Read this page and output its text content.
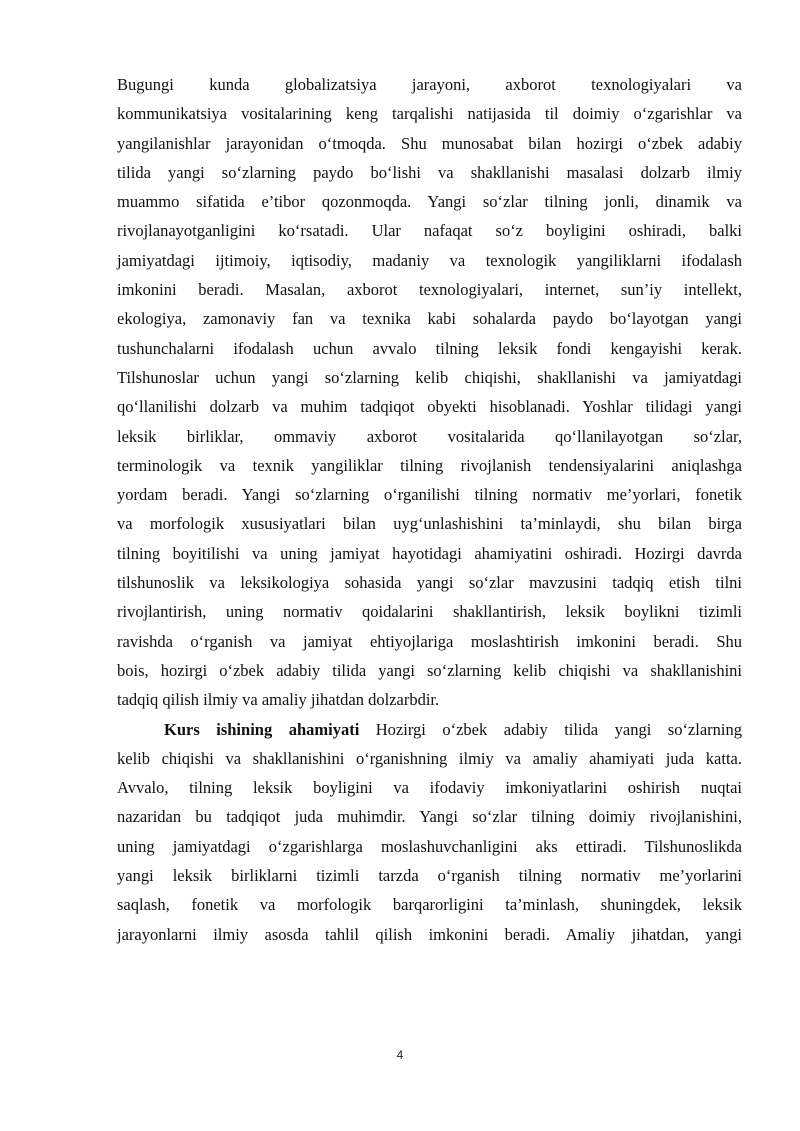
Bugungi kunda globalizatsiya jarayoni, axborot texnologiyalari va
kommunikatsiya vositalarining keng tarqalishi natijasida til doimiy o‘zgarishlar va
yangilanishlar jarayonidan o‘tmoqda. Shu munosabat bilan hozirgi o‘zbek adabiy
tilida yangi so‘zlarning paydo bo‘lishi va shakllanishi masalasi dolzarb ilmiy
muammo sifatida e’tibor qozonmoqda. Yangi so‘zlar tilning jonli, dinamik va
rivojlanayotganligini ko‘rsatadi. Ular nafaqat so‘z boyligini oshiradi, balki
jamiyatdagi ijtimoiy, iqtisodiy, madaniy va texnologik yangiliklarni ifodalash
imkonini beradi. Masalan, axborot texnologiyalari, internet, sun’iy intellekt,
ekologiya, zamonaviy fan va texnika kabi sohalarda paydo bo‘layotgan yangi
tushunchalarni ifodalash uchun avvalo tilning leksik fondi kengayishi kerak.
Tilshunoslar uchun yangi so‘zlarning kelib chiqishi, shakllanishi va jamiyatdagi
qo‘llanilishi dolzarb va muhim tadqiqot obyekti hisoblanadi. Yoshlar tilidagi yangi
leksik birliklar, ommaviy axborot vositalarida qo‘llanilayotgan so‘zlar,
terminologik va texnik yangiliklar tilning rivojlanish tendensiyalarini aniqlashga
yordam beradi. Yangi so‘zlarning o‘rganilishi tilning normativ me’yorlari, fonetik
va morfologik xususiyatlari bilan uyg‘unlashishini ta’minlaydi, shu bilan birga
tilning boyitilishi va uning jamiyat hayotidagi ahamiyatini oshiradi. Hozirgi davrda
tilshunoslik va leksikologiya sohasida yangi so‘zlar mavzusini tadqiq etish tilni
rivojlantirish, uning normativ qoidalarini shakllantirish, leksik boylikni tizimli
ravishda o‘rganish va jamiyat ehtiyojlariga moslashtirish imkonini beradi. Shu
bois, hozirgi o‘zbek adabiy tilida yangi so‘zlarning kelib chiqishi va shakllanishini
tadqiq qilish ilmiy va amaliy jihatdan dolzarbdir.
Kurs ishining ahamiyati Hozirgi o‘zbek adabiy tilida yangi so‘zlarning
kelib chiqishi va shakllanishini o‘rganishning ilmiy va amaliy ahamiyati juda katta.
Avvalo, tilning leksik boyligini va ifodaviy imkoniyatlarini oshirish nuqtai
nazaridan bu tadqiqot juda muhimdir. Yangi so‘zlar tilning doimiy rivojlanishini,
uning jamiyatdagi o‘zgarishlarga moslashuvchanligini aks ettiradi. Tilshunoslikda
yangi leksik birliklarni tizimli tarzda o‘rganish tilning normativ me’yorlarini
saqlash, fonetik va morfologik barqarorligini ta’minlash, shuningdek, leksik
jarayonlarni ilmiy asosda tahlil qilish imkonini beradi. Amaliy jihatdan, yangi
4
